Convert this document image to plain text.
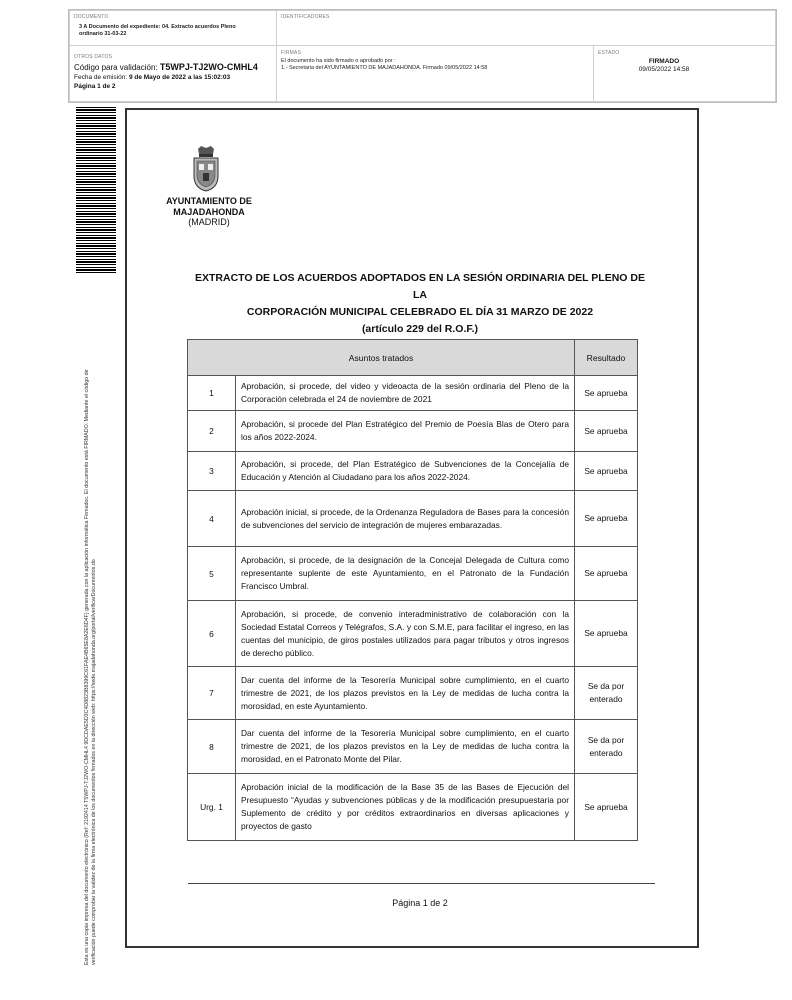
DOCUMENTO
3 A Documento del expediente: 04. Extracto acuerdos Pleno ordinario 31-03-22
IDENTIFICADORES
OTROS DATOS
Código para validación: T5WPJ-TJ2WO-CMHL4
Fecha de emisión: 9 de Mayo de 2022 a las 15:02:03
Página 1 de 2
FIRMAS
El documento ha sido firmado o aprobado por :
1.- Secretaria del AYUNTAMIENTO DE MAJADAHONDA. Firmado 09/05/2022 14:58
ESTADO
FIRMADO
09/05/2022 14:58
Esta es una copia impresa del documento electrónico (Ref: 2192414 T5WPJ-TJ2WO-CMHL4 9DCDAE5D3C4D8823B8399C61FAE4B65E8A2E6D4F) generada con la aplicación informática Firmadoc. El documento está FIRMADO. Mediante el código de verificación puede comprobar la validez de la firma electrónica de los documentos firmados en la dirección web: https://sede.majadahonda.org/portal/verificarDocumentos.do
AYUNTAMIENTO DE
MAJADAHONDA
(MADRID)
EXTRACTO DE LOS ACUERDOS ADOPTADOS EN LA SESIÓN ORDINARIA DEL PLENO DE LA
CORPORACIÓN MUNICIPAL CELEBRADO EL DÍA 31 MARZO DE 2022
(artículo 229 del R.O.F.)
Asuntos tratados		Resultado
1	Aprobación, si procede, del video y videoacta de la sesión ordinaria del Pleno de la Corporación celebrada el 24 de noviembre de 2021	Se aprueba
2	Aprobación, si procede del Plan Estratégico del Premio de Poesía Blas de Otero para los años 2022-2024.	Se aprueba
3	Aprobación, si procede, del Plan Estratégico de Subvenciones de la Concejalía de Educación y Atención al Ciudadano para los años 2022-2024.	Se aprueba
4	Aprobación inicial, si procede, de la Ordenanza Reguladora de Bases para la concesión de subvenciones del servicio de integración de mujeres embarazadas.	Se aprueba
5	Aprobación, si procede, de la designación de la Concejal Delegada de Cultura como representante suplente de este Ayuntamiento, en el Patronato de la Fundación Francisco Umbral.	Se aprueba
6	Aprobación, si procede, de convenio interadministrativo de colaboración con la Sociedad Estatal Correos y Telégrafos, S.A. y con S.M.E, para facilitar el ingreso, en las cuentas del municipio, de giros postales utilizados para pagar tributos y otros ingresos de derecho público.	Se aprueba
7	Dar cuenta del informe de la Tesorería Municipal sobre cumplimiento, en el cuarto trimestre de 2021, de los plazos previstos en la Ley de medidas de lucha contra la morosidad, en este Ayuntamiento.	Se da por enterado
8	Dar cuenta del informe de la Tesorería Municipal sobre cumplimiento, en el cuarto trimestre de 2021, de los plazos previstos en la Ley de medidas de lucha contra la morosidad, en el Patronato Monte del Pilar.	Se da por enterado
Urg. 1	Aprobación inicial de la modificación de la Base 35 de las Bases de Ejecución del Presupuesto “Ayudas y subvenciones públicas y de la modificación presupuestaria por Suplemento de crédito y por créditos extraordinarios en diversas aplicaciones y proyectos de gasto	Se aprueba
Página 1 de 2
